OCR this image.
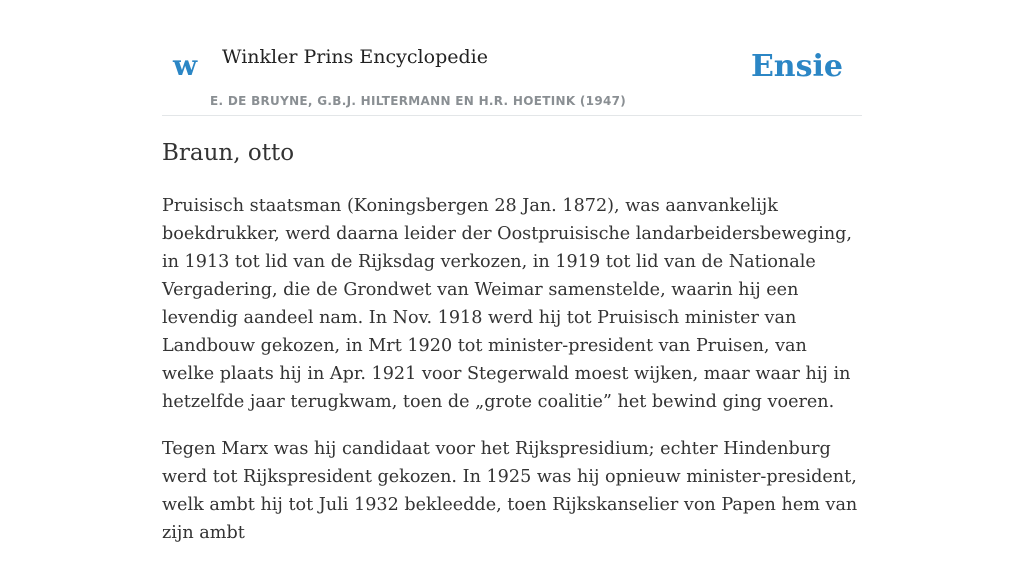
w Winkler Prins Encyclopedie
E. DE BRUYNE, G.B.J. HILTERMANN EN H.R. HOETINK (1947)
Ensie
Braun, otto

Pruisisch staatsman (Koningsbergen 28 Jan. 1872), was aanvankelijk boekdrukker, werd daarna leider der Oostpruisische landarbeidersbeweging, in 1913 tot lid van de Rijksdag verkozen, in 1919 tot lid van de Nationale Vergadering, die de Grondwet van Weimar samenstelde, waarin hij een levendig aandeel nam. In Nov. 1918 werd hij tot Pruisisch minister van Landbouw gekozen, in Mrt 1920 tot minister-president van Pruisen, van welke plaats hij in Apr. 1921 voor Stegerwald moest wijken, maar waar hij in hetzelfde jaar terugkwam, toen de „grote coalitie” het bewind ging voeren.

Tegen Marx was hij candidaat voor het Rijkspresidium; echter Hindenburg werd tot Rijkspresident gekozen. In 1925 was hij opnieuw minister-president, welk ambt hij tot Juli 1932 bekleedde, toen Rijkskanselier von Papen hem van zijn ambt
